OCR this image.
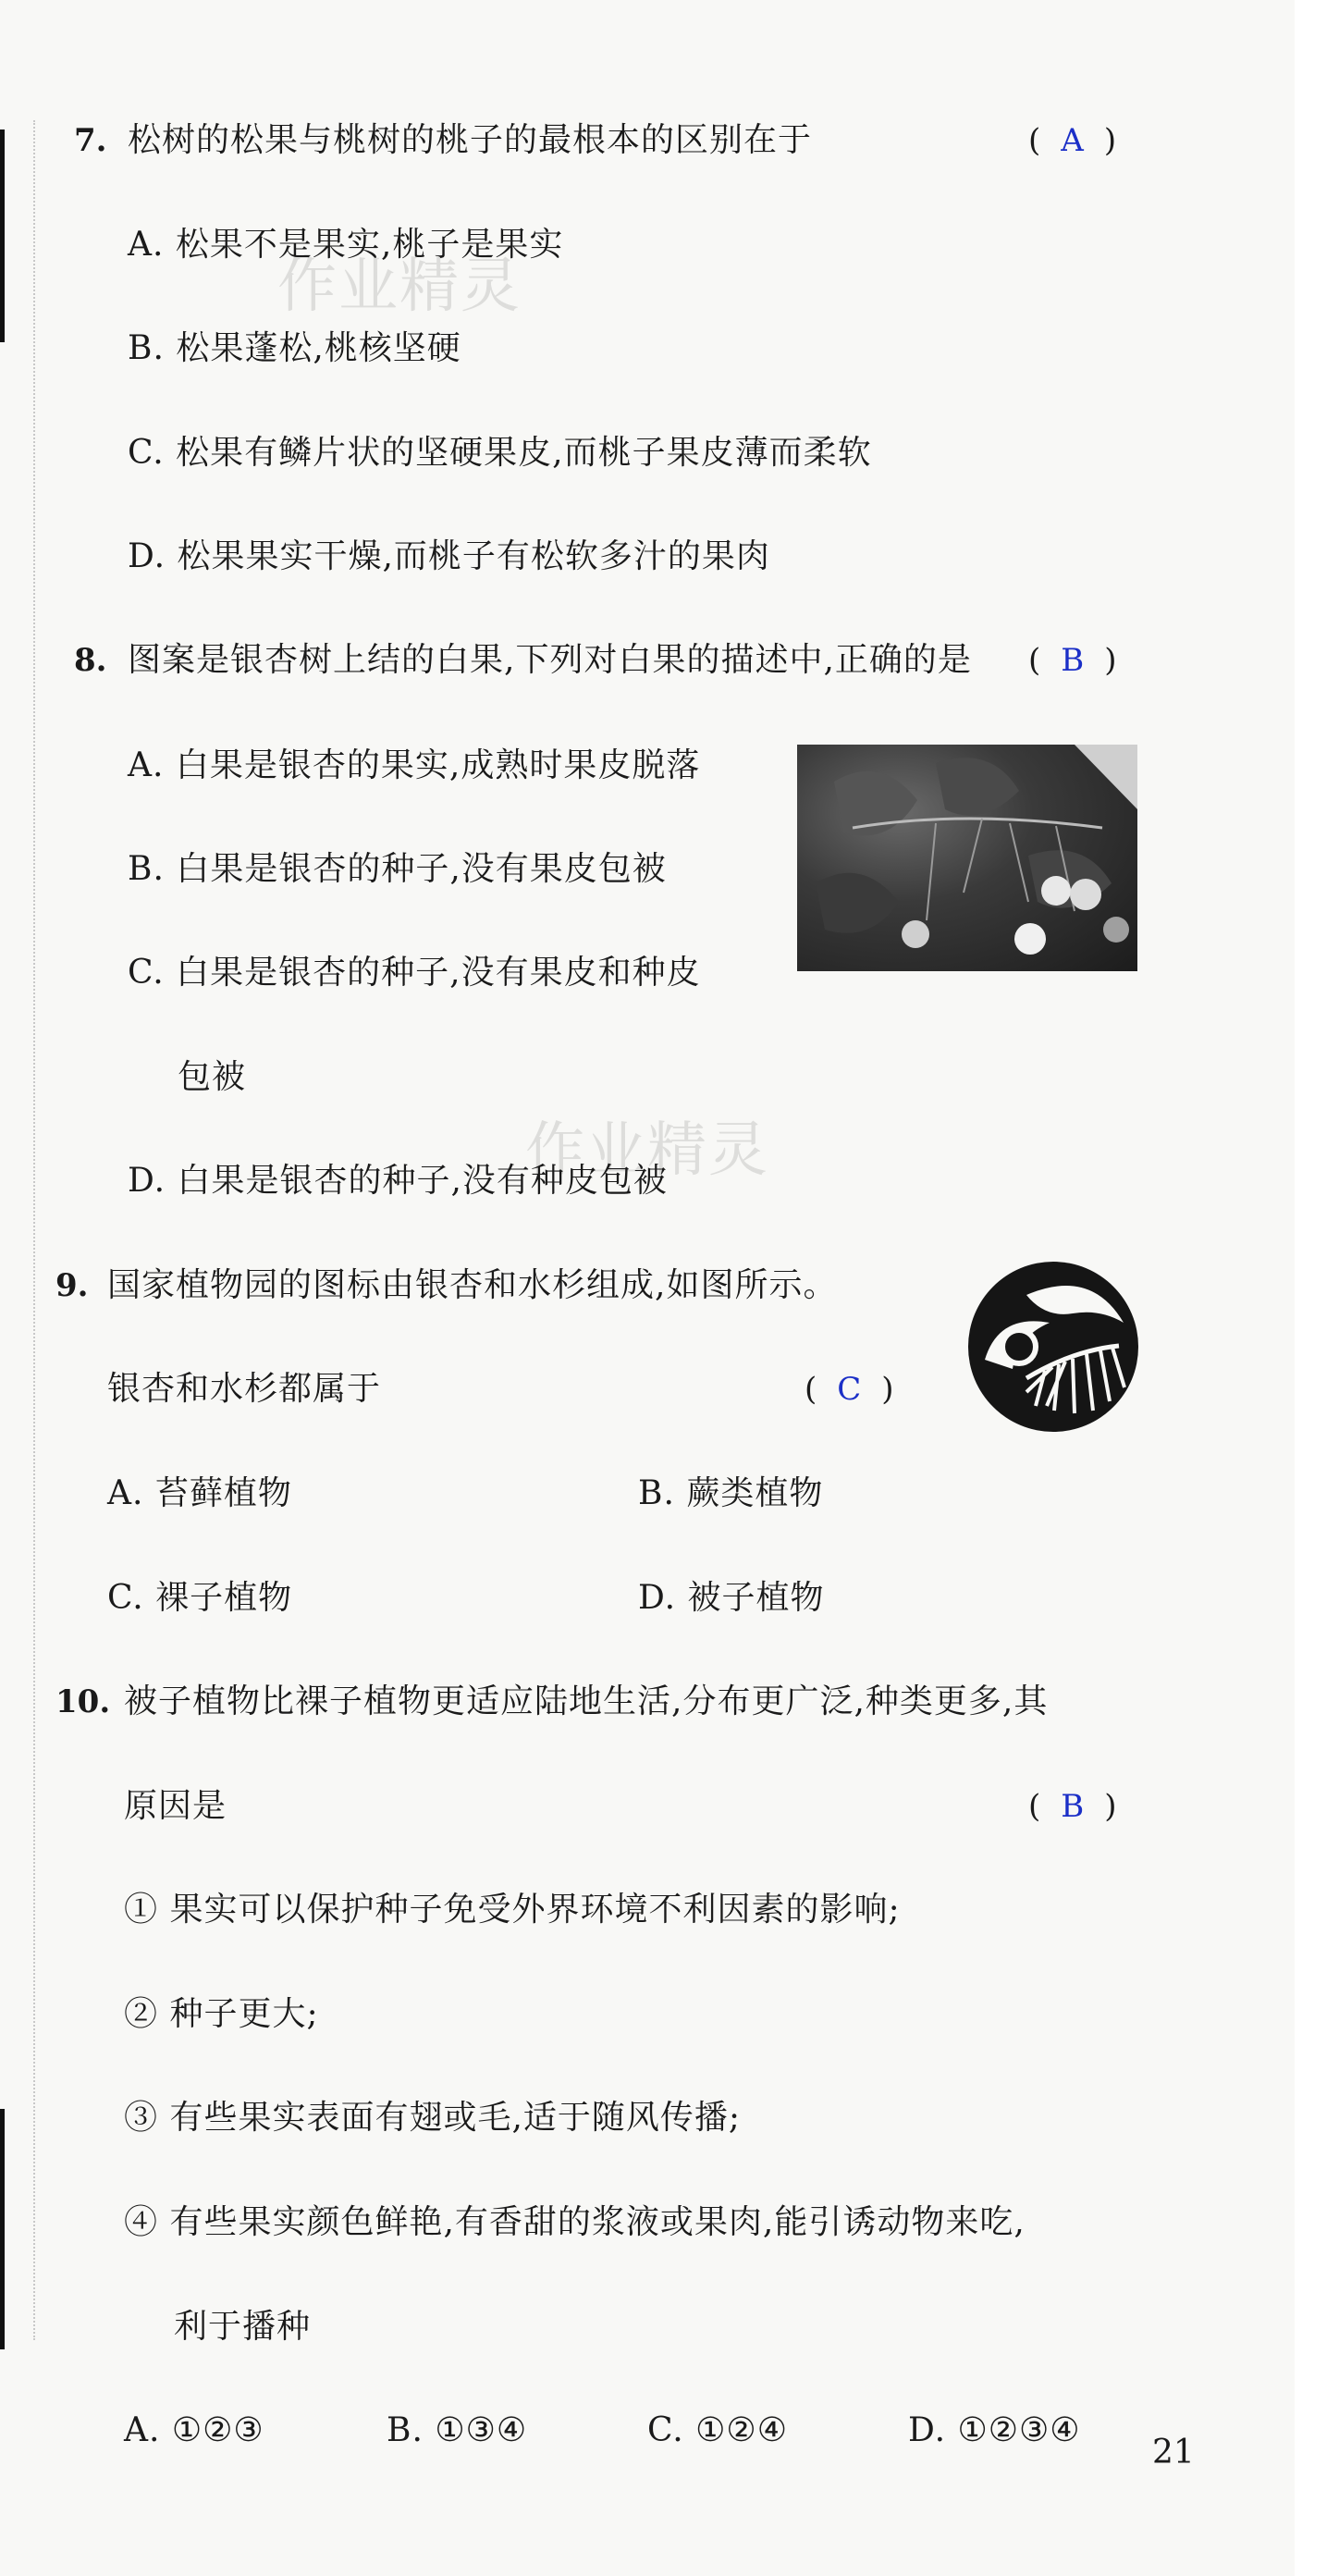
作业精灵
作业精灵
7. 松树的松果与桃树的桃子的最根本的区别在于	( A )
A. 松果不是果实,桃子是果实
B. 松果蓬松,桃核坚硬
C. 松果有鳞片状的坚硬果皮,而桃子果皮薄而柔软
D. 松果果实干燥,而桃子有松软多汁的果肉
8. 图案是银杏树上结的白果,下列对白果的描述中,正确的是 ( B )
A. 白果是银杏的果实,成熟时果皮脱落
B. 白果是银杏的种子,没有果皮包被
C. 白果是银杏的种子,没有果皮和种皮
包被
D. 白果是银杏的种子,没有种皮包被
9. 国家植物园的图标由银杏和水杉组成,如图所示。
银杏和水杉都属于	( C )
A. 苔藓植物	B. 蕨类植物
C. 裸子植物	D. 被子植物
10. 被子植物比裸子植物更适应陆地生活,分布更广泛,种类更多,其
原因是	( B )
① 果实可以保护种子免受外界环境不利因素的影响;
② 种子更大;
③ 有些果实表面有翅或毛,适于随风传播;
④ 有些果实颜色鲜艳,有香甜的浆液或果肉,能引诱动物来吃,
利于播种
A. ①②③	B. ①③④	C. ①②④	D. ①②③④
21
